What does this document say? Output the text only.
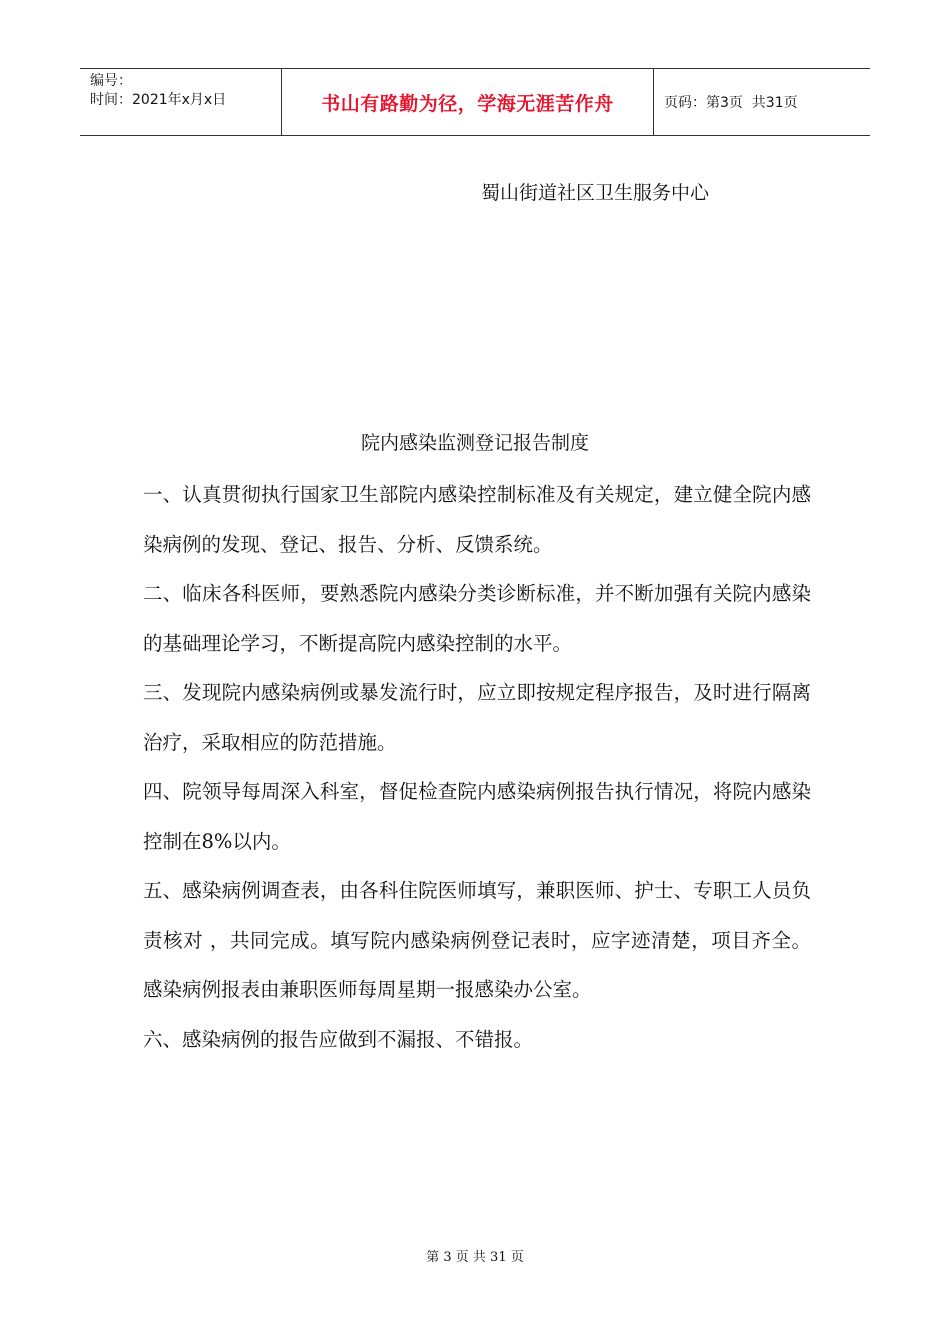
编号：
时间：2021年x月x日	书山有路勤为径，学海无涯苦作舟	页码：第3页  共31页
蜀山街道社区卫生服务中心
院内感染监测登记报告制度

一、认真贯彻执行国家卫生部院内感染控制标准及有关规定，建立健全院内感染病例的发现、登记、报告、分析、反馈系统。

二、临床各科医师，要熟悉院内感染分类诊断标准，并不断加强有关院内感染的基础理论学习，不断提高院内感染控制的水平。

三、发现院内感染病例或暴发流行时，应立即按规定程序报告，及时进行隔离治疗，采取相应的防范措施。

四、院领导每周深入科室，督促检查院内感染病例报告执行情况，将院内感染控制在8%以内。

五、感染病例调查表，由各科住院医师填写，兼职医师、护士、专职工人员负责核对 ，共同完成。填写院内感染病例登记表时，应字迹清楚，项目齐全。感染病例报表由兼职医师每周星期一报感染办公室。

六、感染病例的报告应做到不漏报、不错报。

第 3 页 共 31 页
